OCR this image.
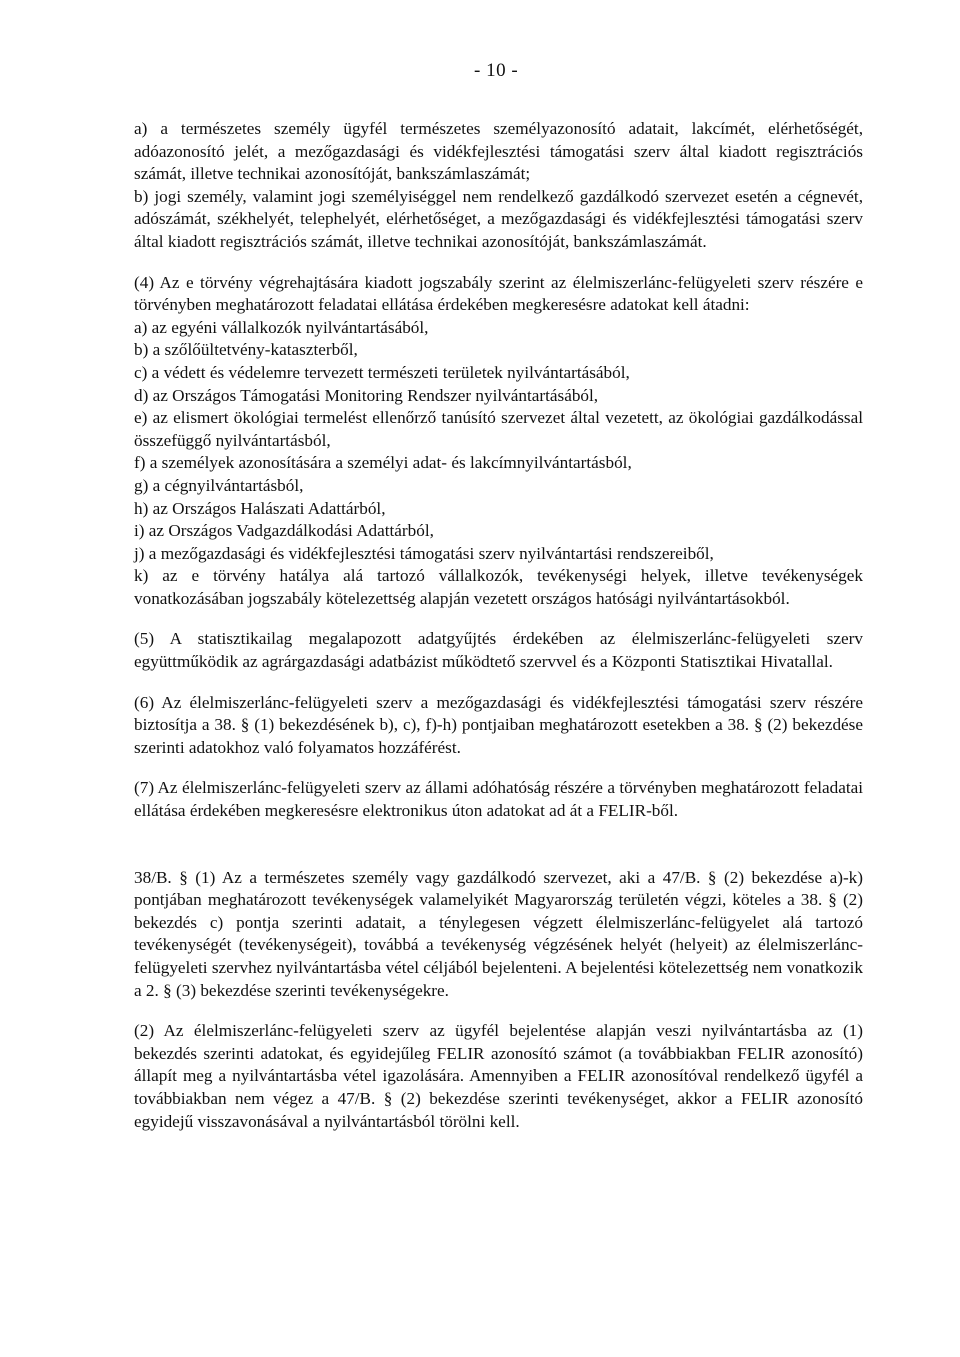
- 10 -

a) a természetes személy ügyfél természetes személyazonosító adatait, lakcímét, elérhetőségét, adóazonosító jelét, a mezőgazdasági és vidékfejlesztési támogatási szerv által kiadott regisztrációs számát, illetve technikai azonosítóját, bankszámlaszámát;

b) jogi személy, valamint jogi személyiséggel nem rendelkező gazdálkodó szervezet esetén a cégnevét, adószámát, székhelyét, telephelyét, elérhetőséget, a mezőgazdasági és vidékfejlesztési támogatási szerv által kiadott regisztrációs számát, illetve technikai azonosítóját, bankszámlaszámát.

(4) Az e törvény végrehajtására kiadott jogszabály szerint az élelmiszerlánc-felügyeleti szerv részére e törvényben meghatározott feladatai ellátása érdekében megkeresésre adatokat kell átadni:

a) az egyéni vállalkozók nyilvántartásából,

b) a szőlőültetvény-kataszterből,

c) a védett és védelemre tervezett természeti területek nyilvántartásából,

d) az Országos Támogatási Monitoring Rendszer nyilvántartásából,

e) az elismert ökológiai termelést ellenőrző tanúsító szervezet által vezetett, az ökológiai gazdálkodással összefüggő nyilvántartásból,

f) a személyek azonosítására a személyi adat- és lakcímnyilvántartásból,

g) a cégnyilvántartásból,

h) az Országos Halászati Adattárból,

i) az Országos Vadgazdálkodási Adattárból,

j) a mezőgazdasági és vidékfejlesztési támogatási szerv nyilvántartási rendszereiből,

k) az e törvény hatálya alá tartozó vállalkozók, tevékenységi helyek, illetve tevékenységek vonatkozásában jogszabály kötelezettség alapján vezetett országos hatósági nyilvántartásokból.

(5) A statisztikailag megalapozott adatgyűjtés érdekében az élelmiszerlánc-felügyeleti szerv együttműködik az agrárgazdasági adatbázist működtető szervvel és a Központi Statisztikai Hivatallal.

(6) Az élelmiszerlánc-felügyeleti szerv a mezőgazdasági és vidékfejlesztési támogatási szerv részére biztosítja a 38. § (1) bekezdésének b), c), f)-h) pontjaiban meghatározott esetekben a 38. § (2) bekezdése szerinti adatokhoz való folyamatos hozzáférést.

(7) Az élelmiszerlánc-felügyeleti szerv az állami adóhatóság részére a törvényben meghatározott feladatai ellátása érdekében megkeresésre elektronikus úton adatokat ad át a FELIR-ből.

38/B. § (1) Az a természetes személy vagy gazdálkodó szervezet, aki a 47/B. § (2) bekezdése a)-k) pontjában meghatározott tevékenységek valamelyikét Magyarország területén végzi, köteles a 38. § (2) bekezdés c) pontja szerinti adatait, a ténylegesen végzett élelmiszerlánc-felügyelet alá tartozó tevékenységét (tevékenységeit), továbbá a tevékenység végzésének helyét (helyeit) az élelmiszerlánc-felügyeleti szervhez nyilvántartásba vétel céljából bejelenteni. A bejelentési kötelezettség nem vonatkozik a 2. § (3) bekezdése szerinti tevékenységekre.

(2) Az élelmiszerlánc-felügyeleti szerv az ügyfél bejelentése alapján veszi nyilvántartásba az (1) bekezdés szerinti adatokat, és egyidejűleg FELIR azonosító számot (a továbbiakban FELIR azonosító) állapít meg a nyilvántartásba vétel igazolására. Amennyiben a FELIR azonosítóval rendelkező ügyfél a továbbiakban nem végez a 47/B. § (2) bekezdése szerinti tevékenységet, akkor a FELIR azonosító egyidejű visszavonásával a nyilvántartásból törölni kell.
